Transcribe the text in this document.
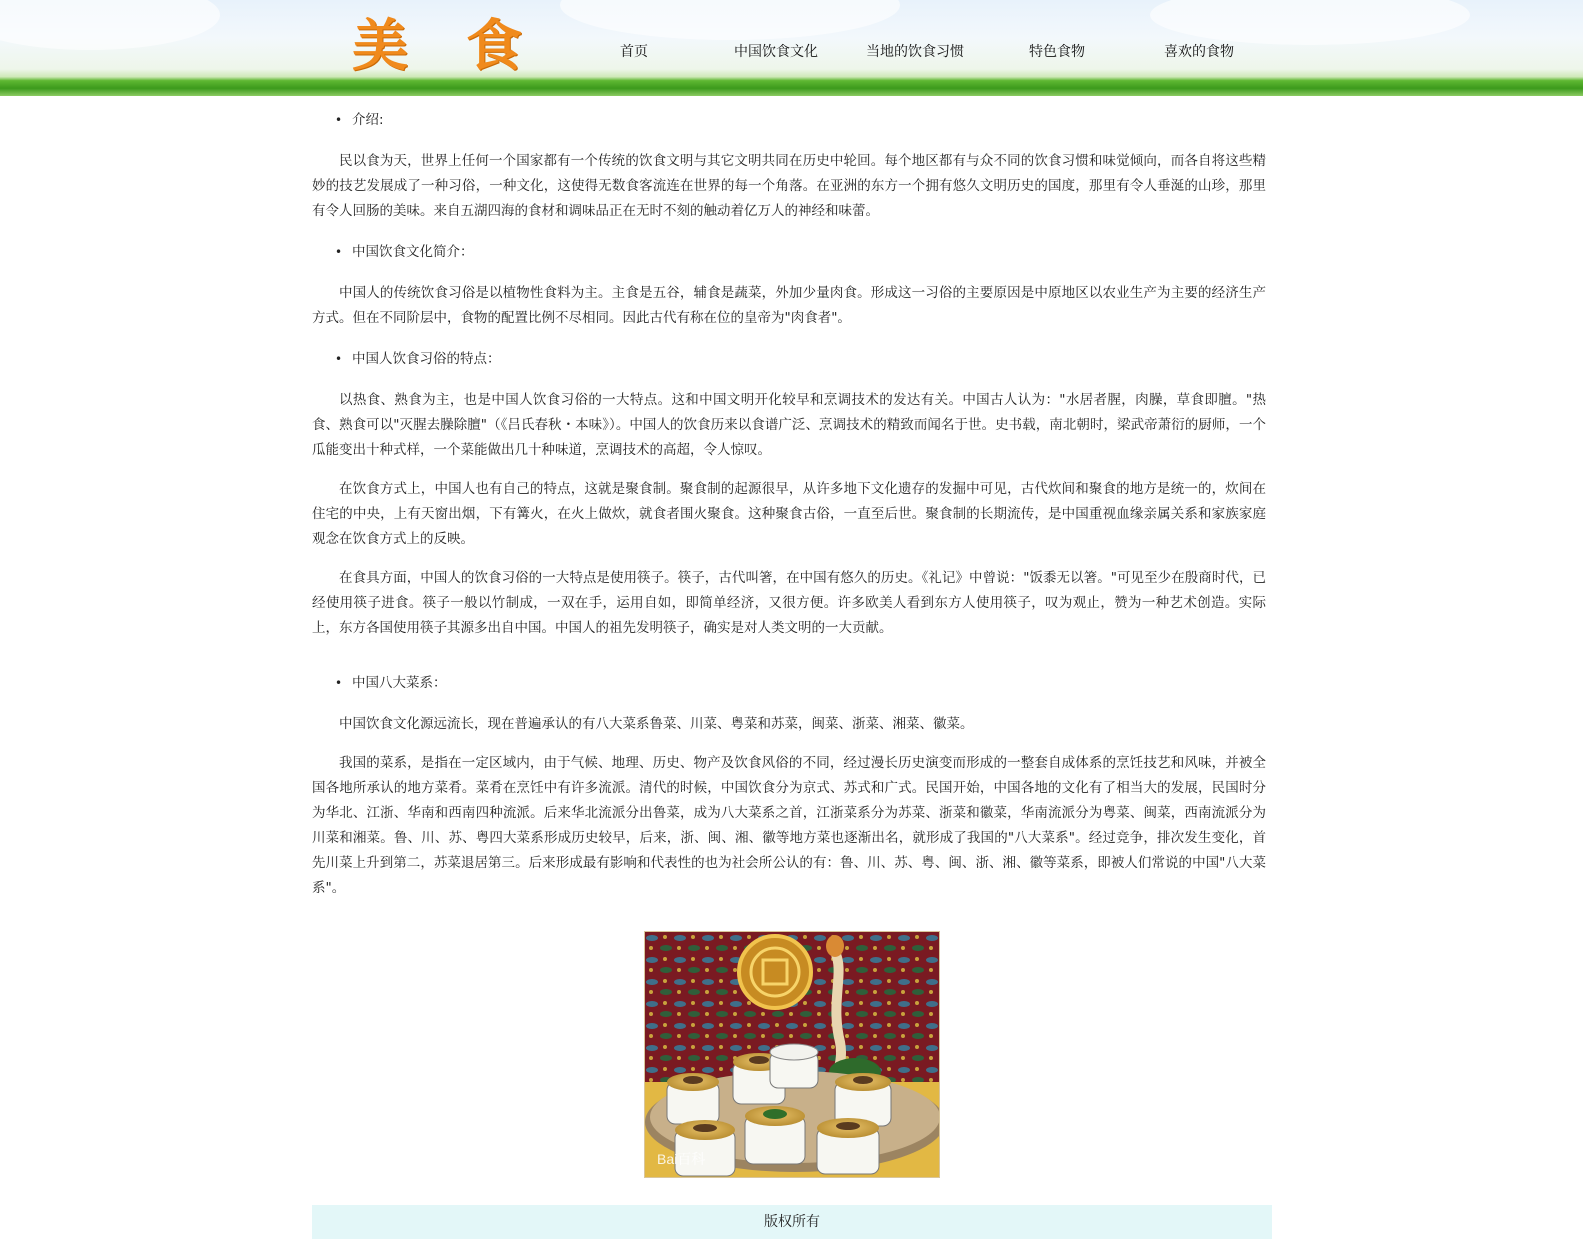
美 食	首页	中国饮食文化	当地的饮食习惯	特色食物	喜欢的食物
• 介绍:

民以食为天，世界上任何一个国家都有一个传统的饮食文明与其它文明共同在历史中轮回。每个地区都有与众不同的饮食习惯和味觉倾向，而各自将这些精妙的技艺发展成了一种习俗，一种文化，这使得无数食客流连在世界的每一个角落。在亚洲的东方一个拥有悠久文明历史的国度，那里有令人垂涎的山珍，那里有令人回肠的美味。来自五湖四海的食材和调味品正在无时不刻的触动着亿万人的神经和味蕾。

• 中国饮食文化简介：

中国人的传统饮食习俗是以植物性食料为主。主食是五谷，辅食是蔬菜，外加少量肉食。形成这一习俗的主要原因是中原地区以农业生产为主要的经济生产方式。但在不同阶层中，食物的配置比例不尽相同。因此古代有称在位的皇帝为"肉食者"。

• 中国人饮食习俗的特点：

以热食、熟食为主，也是中国人饮食习俗的一大特点。这和中国文明开化较早和烹调技术的发达有关。中国古人认为："水居者腥，肉臊，草食即膻。"热食、熟食可以"灭腥去臊除膻"（《吕氏春秋・本味》）。中国人的饮食历来以食谱广泛、烹调技术的精致而闻名于世。史书载，南北朝时，梁武帝萧衍的厨师，一个瓜能变出十种式样，一个菜能做出几十种味道，烹调技术的高超，令人惊叹。

在饮食方式上，中国人也有自己的特点，这就是聚食制。聚食制的起源很早，从许多地下文化遗存的发掘中可见，古代炊间和聚食的地方是统一的，炊间在住宅的中央，上有天窗出烟，下有篝火，在火上做炊，就食者围火聚食。这种聚食古俗，一直至后世。聚食制的长期流传，是中国重视血缘亲属关系和家族家庭观念在饮食方式上的反映。

在食具方面，中国人的饮食习俗的一大特点是使用筷子。筷子，古代叫箸，在中国有悠久的历史。《礼记》中曾说："饭黍无以箸。"可见至少在殷商时代，已经使用筷子进食。筷子一般以竹制成，一双在手，运用自如，即简单经济，又很方便。许多欧美人看到东方人使用筷子，叹为观止，赞为一种艺术创造。实际上，东方各国使用筷子其源多出自中国。中国人的祖先发明筷子，确实是对人类文明的一大贡献。

• 中国八大菜系：

中国饮食文化源远流长，现在普遍承认的有八大菜系鲁菜、川菜、粤菜和苏菜，闽菜、浙菜、湘菜、徽菜。

我国的菜系，是指在一定区域内，由于气候、地理、历史、物产及饮食风俗的不同，经过漫长历史演变而形成的一整套自成体系的烹饪技艺和风味，并被全国各地所承认的地方菜肴。菜肴在烹饪中有许多流派。清代的时候，中国饮食分为京式、苏式和广式。民国开始，中国各地的文化有了相当大的发展，民国时分为华北、江浙、华南和西南四种流派。后来华北流派分出鲁菜，成为八大菜系之首，江浙菜系分为苏菜、浙菜和徽菜，华南流派分为粤菜、闽菜，西南流派分为川菜和湘菜。鲁、川、苏、粤四大菜系形成历史较早，后来，浙、闽、湘、徽等地方菜也逐渐出名，就形成了我国的"八大菜系"。经过竞争，排次发生变化，首先川菜上升到第二，苏菜退居第三。后来形成最有影响和代表性的也为社会所公认的有：鲁、川、苏、粤、闽、浙、湘、徽等菜系，即被人们常说的中国"八大菜系"。

Bai百科
版权所有
